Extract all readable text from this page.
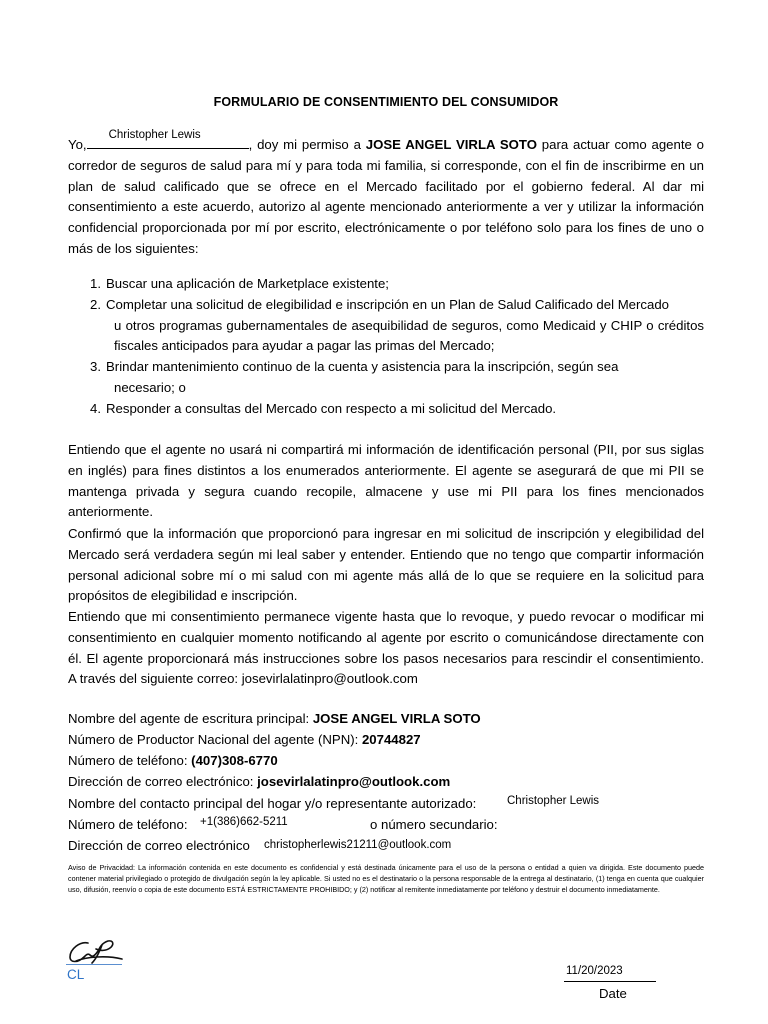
FORMULARIO DE CONSENTIMIENTO DEL CONSUMIDOR

Yo,
Christopher Lewis
, doy mi permiso a JOSE ANGEL VIRLA SOTO para actuar como agente o corredor de seguros de salud para mí y para toda mi familia, si corresponde, con el fin de inscribirme en un plan de salud calificado que se ofrece en el Mercado facilitado por el gobierno federal. Al dar mi consentimiento a este acuerdo, autorizo al agente mencionado anteriormente a ver y utilizar la información confidencial proporcionada por mí por escrito, electrónicamente o por teléfono solo para los fines de uno o más de los siguientes:

1. Buscar una aplicación de Marketplace existente;
2. Completar una solicitud de elegibilidad e inscripción en un Plan de Salud Calificado del Mercado
u otros programas gubernamentales de asequibilidad de seguros, como Medicaid y CHIP o créditos fiscales anticipados para ayudar a pagar las primas del Mercado;
3. Brindar mantenimiento continuo de la cuenta y asistencia para la inscripción, según sea
necesario; o
4. Responder a consultas del Mercado con respecto a mi solicitud del Mercado.

Entiendo que el agente no usará ni compartirá mi información de identificación personal (PII, por sus siglas en inglés) para fines distintos a los enumerados anteriormente. El agente se asegurará de que mi PII se mantenga privada y segura cuando recopile, almacene y use mi PII para los fines mencionados anteriormente.

Confirmó que la información que proporcionó para ingresar en mi solicitud de inscripción y elegibilidad del Mercado será verdadera según mi leal saber y entender. Entiendo que no tengo que compartir información personal adicional sobre mí o mi salud con mi agente más allá de lo que se requiere en la solicitud para propósitos de elegibilidad e inscripción.

Entiendo que mi consentimiento permanece vigente hasta que lo revoque, y puedo revocar o modificar mi consentimiento en cualquier momento notificando al agente por escrito o comunicándose directamente con él. El agente proporcionará más instrucciones sobre los pasos necesarios para rescindir el consentimiento. A través del siguiente correo: josevirlalatinpro@outlook.com

Nombre del agente de escritura principal: JOSE ANGEL VIRLA SOTO
Número de Productor Nacional del agente (NPN): 20744827
Número de teléfono: (407)308-6770
Dirección de correo electrónico: josevirlalatinpro@outlook.com
Nombre del contacto principal del hogar y/o representante autorizado:	Christopher Lewis
Número de teléfono: +1(386)662-5211	o número secundario:
Dirección de correo electrónico christopherlewis21211@outlook.com
Aviso de Privacidad: La información contenida en este documento es confidencial y está destinada únicamente para el uso de la persona o entidad a quien va dirigida. Este documento puede contener material privilegiado o protegido de divulgación según la ley aplicable. Si usted no es el destinatario o la persona responsable de la entrega al destinatario, (1) tenga en cuenta que cualquier uso, difusión, reenvío o copia de este documento ESTÁ ESTRICTAMENTE PROHIBIDO; y (2) notificar al remitente inmediatamente por teléfono y destruir el documento inmediatamente.
CL	11/20/2023
Date
